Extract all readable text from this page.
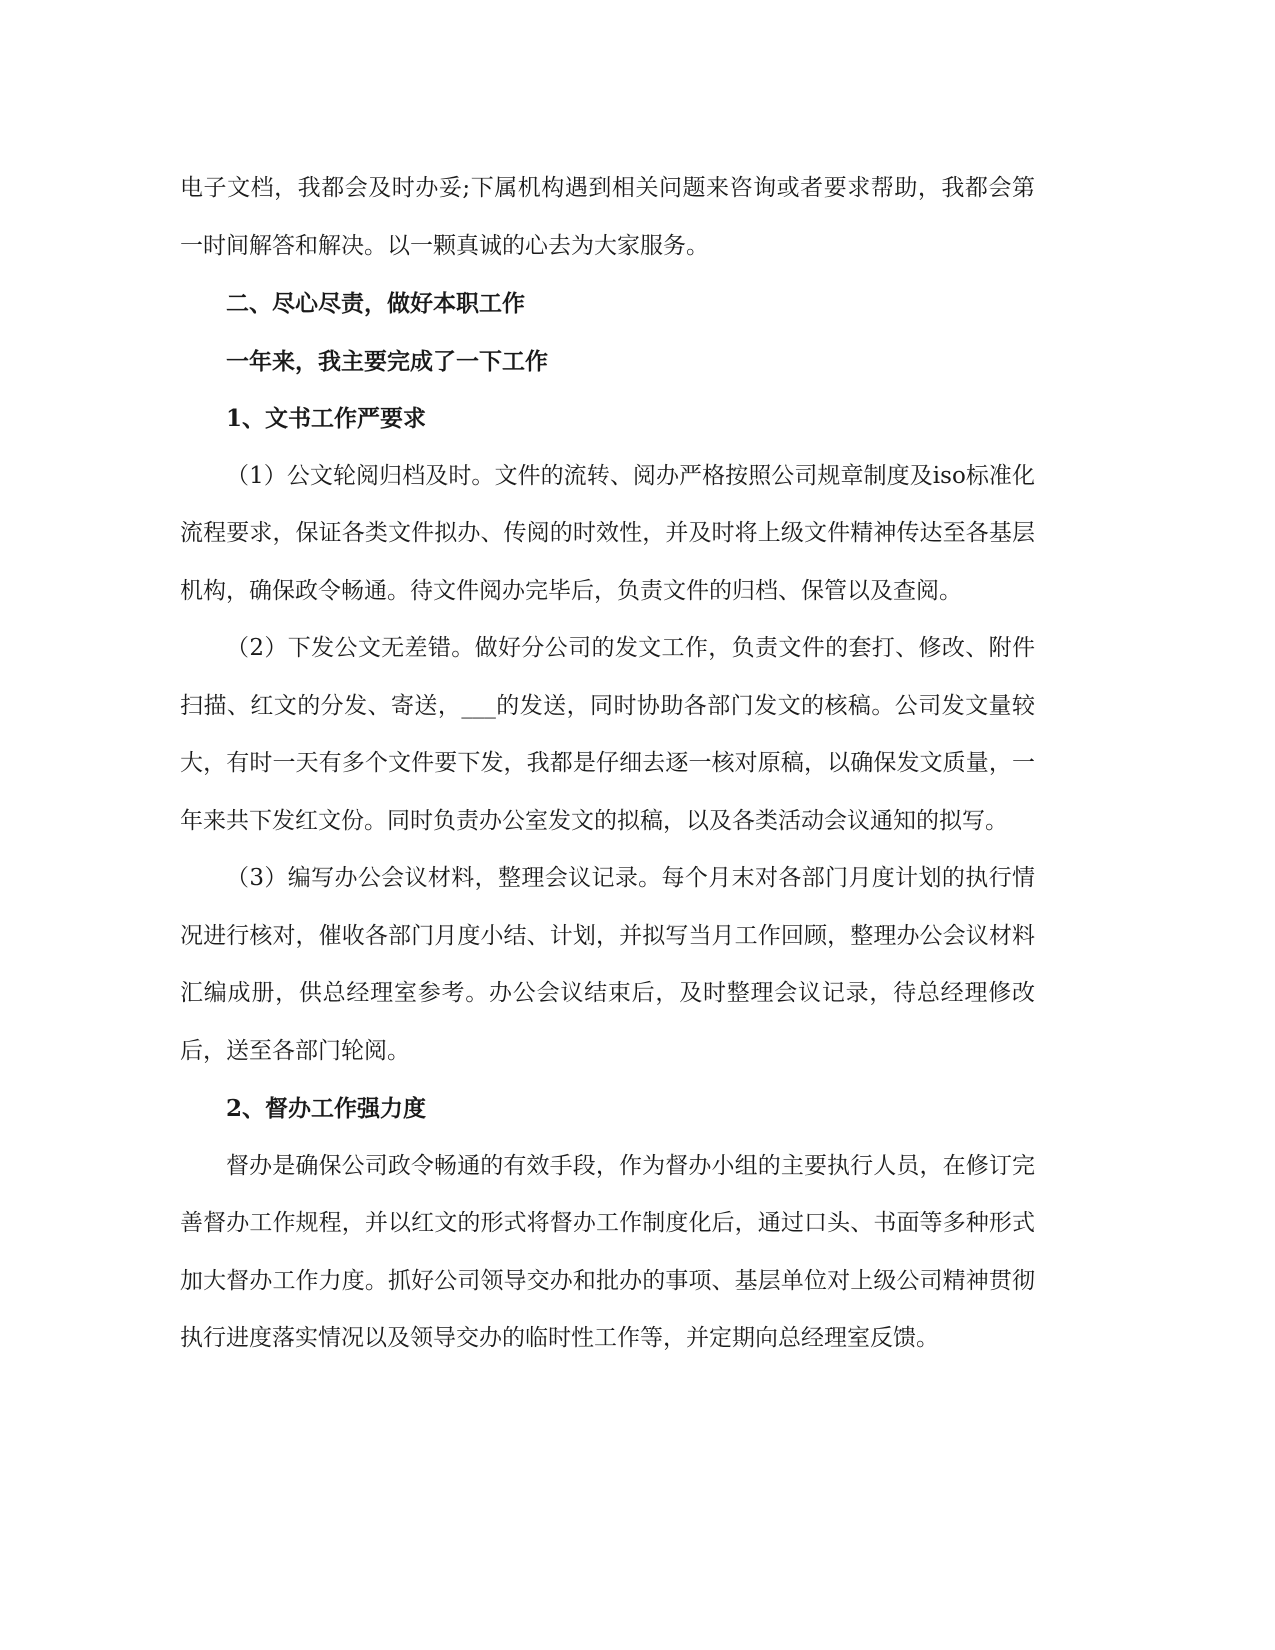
电子文档，我都会及时办妥;下属机构遇到相关问题来咨询或者要求帮助，我都会第一时间解答和解决。以一颗真诚的心去为大家服务。

二、尽心尽责，做好本职工作

一年来，我主要完成了一下工作

1、文书工作严要求

（1）公文轮阅归档及时。文件的流转、阅办严格按照公司规章制度及iso标准化流程要求，保证各类文件拟办、传阅的时效性，并及时将上级文件精神传达至各基层机构，确保政令畅通。待文件阅办完毕后，负责文件的归档、保管以及查阅。

（2）下发公文无差错。做好分公司的发文工作，负责文件的套打、修改、附件扫描、红文的分发、寄送，___的发送，同时协助各部门发文的核稿。公司发文量较大，有时一天有多个文件要下发，我都是仔细去逐一核对原稿，以确保发文质量，一年来共下发红文份。同时负责办公室发文的拟稿，以及各类活动会议通知的拟写。

（3）编写办公会议材料，整理会议记录。每个月末对各部门月度计划的执行情况进行核对，催收各部门月度小结、计划，并拟写当月工作回顾，整理办公会议材料汇编成册，供总经理室参考。办公会议结束后，及时整理会议记录，待总经理修改后，送至各部门轮阅。

2、督办工作强力度

督办是确保公司政令畅通的有效手段，作为督办小组的主要执行人员，在修订完善督办工作规程，并以红文的形式将督办工作制度化后，通过口头、书面等多种形式加大督办工作力度。抓好公司领导交办和批办的事项、基层单位对上级公司精神贯彻执行进度落实情况以及领导交办的临时性工作等，并定期向总经理室反馈。
